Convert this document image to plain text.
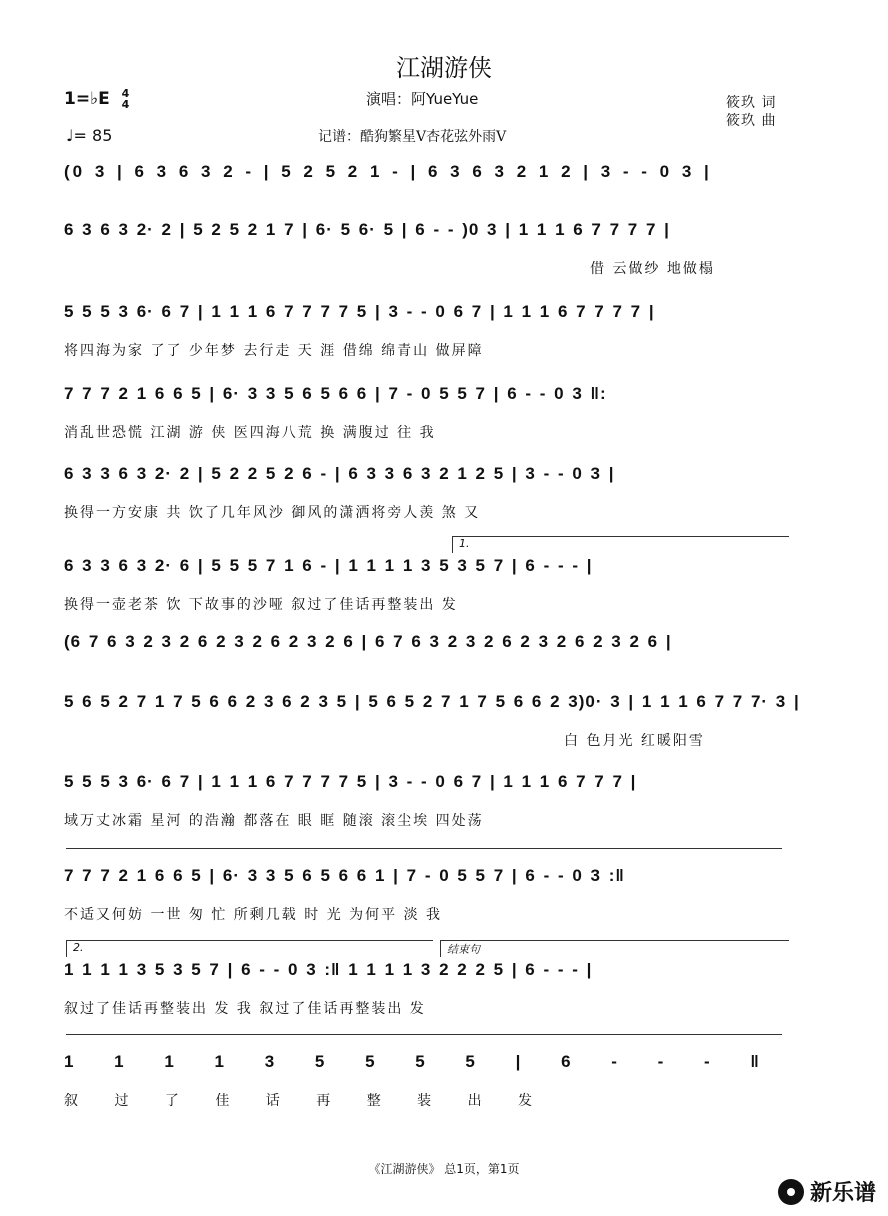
江湖游侠
1=♭E 4
4	演唱：阿YueYue	筱玖 词
筱玖 曲
♩= 85	记谱：酷狗繁星V杏花弦外雨V
(0 3 | 6 3 6 3 2 - | 5 2 5 2 1 - | 6 3 6 3 2 1 2 | 3 - - 0 3 |
6 3 6 3 2· 2 | 5 2 5 2 1 7 | 6· 5 6· 5 | 6 - - )0 3 | 1 1 1 6 7 7 7 7 |
借 云做纱 地做榻
5 5 5 3 6· 6 7 | 1 1 1 6 7 7 7 7 5 | 3 - - 0 6 7 | 1 1 1 6 7 7 7 7 |
将四海为家 了了 少年梦 去行走 天 涯 借绵 绵青山 做屏障
7 7 7 2 1 6 6 5 | 6· 3 3 5 6 5 6 6 | 7 - 0 5 5 7 | 6 - - 0 3 ‖:
消乱世恐慌 江湖 游 侠 医四海八荒 换 满腹过 往 我
6 3 3 6 3 2· 2 | 5 2 2 5 2 6 - | 6 3 3 6 3 2 1 2 5 | 3 - - 0 3 |
换得一方安康 共 饮了几年风沙 御风的潇洒将旁人羡 煞 又
1.
6 3 3 6 3 2· 6 | 5 5 5 7 1 6 - | 1 1 1 1 3 5 3 5 7 | 6 - - - |
换得一壶老茶 饮 下故事的沙哑 叙过了佳话再整装出 发
(6 7 6 3 2 3 2 6 2 3 2 6 2 3 2 6 | 6 7 6 3 2 3 2 6 2 3 2 6 2 3 2 6 |
5 6 5 2 7 1 7 5 6 6 2 3 6 2 3 5 | 5 6 5 2 7 1 7 5 6 6 2 3)0· 3 | 1 1 1 6 7 7 7· 3 |
白 色月光 红暖阳雪
5 5 5 3 6· 6 7 | 1 1 1 6 7 7 7 7 5 | 3 - - 0 6 7 | 1 1 1 6 7 7 7 |
域万丈冰霜 星河 的浩瀚 都落在 眼 眶 随滚 滚尘埃 四处荡
7 7 7 2 1 6 6 5 | 6· 3 3 5 6 5 6 6 1 | 7 - 0 5 5 7 | 6 - - 0 3 :‖
不适又何妨 一世 匆 忙 所剩几载 时 光 为何平 淡 我
2.	结束句
1 1 1 1 3 5 3 5 7 | 6 - - 0 3 :‖ 1 1 1 1 3 2 2 2 5 | 6 - - - |
叙过了佳话再整装出 发 我 叙过了佳话再整装出 发
1 1 1 1 3 5 5 5 5 | 6 - - - ‖
叙 过 了 佳 话 再 整 装 出 发
《江湖游侠》 总1页，第1页
新乐谱
